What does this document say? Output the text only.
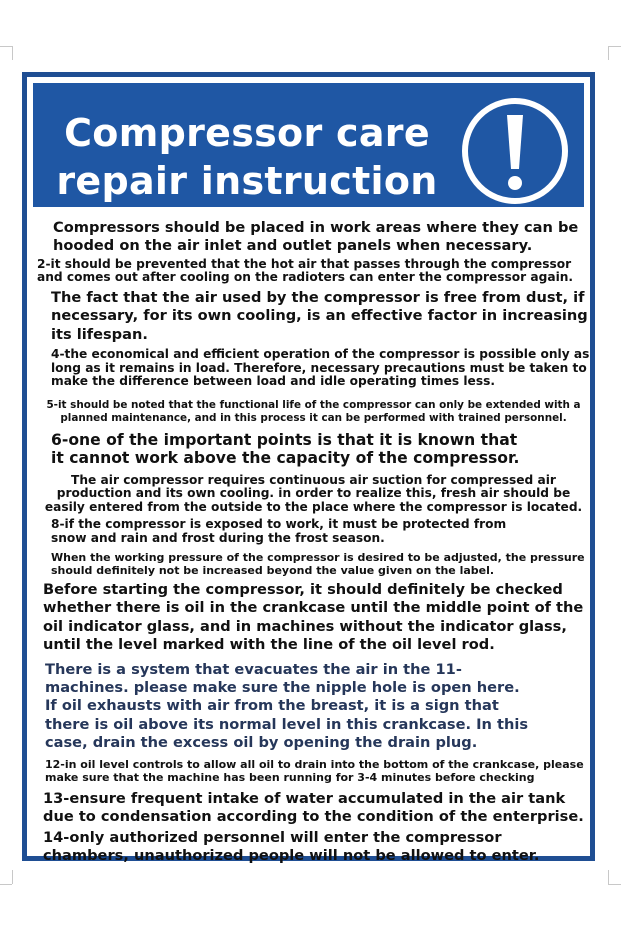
Compressor care
repair instruction

Compressors should be placed in work areas where they can be hooded on the air inlet and outlet panels when necessary.

2-it should be prevented that the hot air that passes through the compressor and comes out after cooling on the radioters can enter the compressor again.

The fact that the air used by the compressor is free from dust, if necessary, for its own cooling, is an effective factor in increasing its lifespan.

4-the economical and efficient operation of the compressor is possible only as long as it remains in load. Therefore, necessary precautions must be taken to make the difference between load and idle operating times less.

5-it should be noted that the functional life of the compressor can only be extended with a planned maintenance, and in this process it can be performed with trained personnel.

6-one of the important points is that it is known that it cannot work above the capacity of the compressor.

The air compressor requires continuous air suction for compressed air production and its own cooling. in order to realize this, fresh air should be easily entered from the outside to the place where the compressor is located.

8-if the compressor is exposed to work, it must be protected from snow and rain and frost during the frost season.

When the working pressure of the compressor is desired to be adjusted, the pressure should definitely not be increased beyond the value given on the label.

Before starting the compressor, it should definitely be checked whether there is oil in the crankcase until the middle point of the oil indicator glass, and in machines without the indicator glass, until the level marked with the line of the oil level rod.

There is a system that evacuates the air in the 11-machines. please make sure the nipple hole is open here. If oil exhausts with air from the breast, it is a sign that there is oil above its normal level in this crankcase. In this case, drain the excess oil by opening the drain plug.

12-in oil level controls to allow all oil to drain into the bottom of the crankcase, please make sure that the machine has been running for 3-4 minutes before checking

13-ensure frequent intake of water accumulated in the air tank due to condensation according to the condition of the enterprise.

14-only authorized personnel will enter the compressor chambers, unauthorized people will not be allowed to enter.
